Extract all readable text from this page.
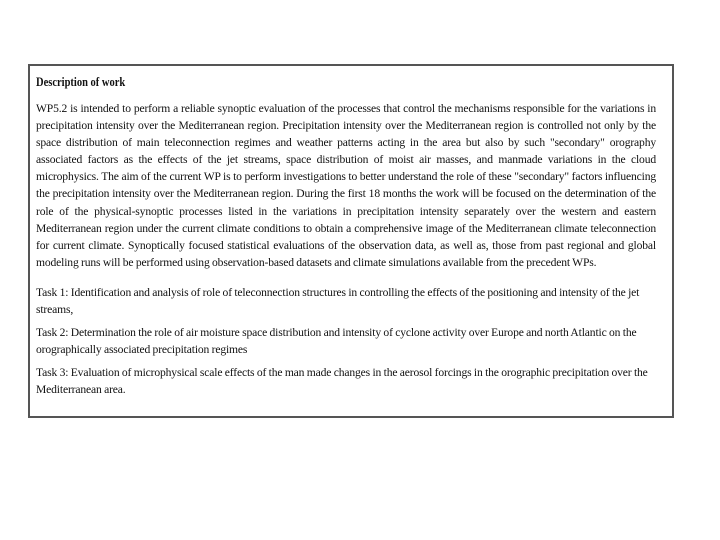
Description of work

WP5.2 is intended to perform a reliable synoptic evaluation of the processes that control the mechanisms responsible for the variations in precipitation intensity over the Mediterranean region. Precipitation intensity over the Mediterranean region is controlled not only by the space distribution of main teleconnection regimes and weather patterns acting in the area but also by such "secondary" orography associated factors as the effects of the jet streams, space distribution of moist air masses, and manmade variations in the cloud microphysics. The aim of the current WP is to perform investigations to better understand the role of these "secondary" factors influencing the precipitation intensity over the Mediterranean region. During the first 18 months the work will be focused on the determination of the role of the physical-synoptic processes listed in the variations in precipitation intensity separately over the western and eastern Mediterranean region under the current climate conditions to obtain a comprehensive image of the Mediterranean climate teleconnection for current climate. Synoptically focused statistical evaluations of the observation data, as well as, those from past regional and global modeling runs will be performed using observation-based datasets and climate simulations available from the precedent WPs.

Task 1: Identification and analysis of role of teleconnection structures in controlling the effects of the positioning and intensity of the jet streams,

Task 2: Determination the role of air moisture space distribution and intensity of cyclone activity over Europe and north Atlantic on the orographically associated precipitation regimes

Task 3: Evaluation of microphysical scale effects of the man made changes in the aerosol forcings in the orographic precipitation over the Mediterranean area.
